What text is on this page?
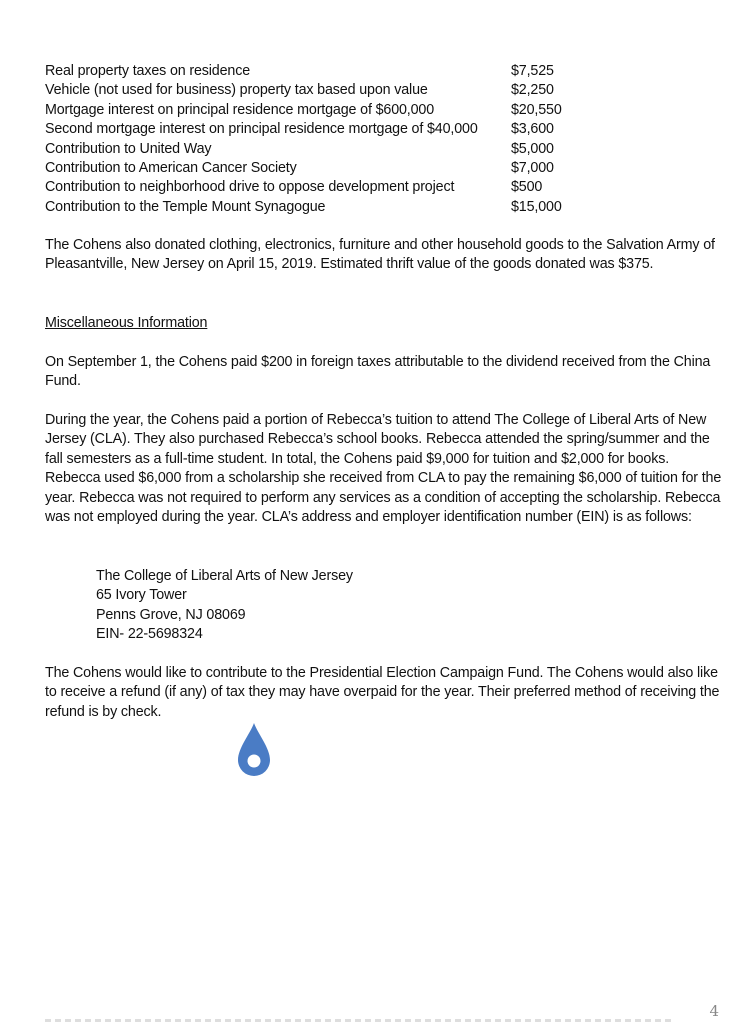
Real property taxes on residence	$7,525
Vehicle (not used for business) property tax based upon value	$2,250
Mortgage interest on principal residence mortgage of $600,000	$20,550
Second mortgage interest on principal residence mortgage of $40,000	$3,600
Contribution to United Way	$5,000
Contribution to American Cancer Society	$7,000
Contribution to neighborhood drive to oppose development project	$500
Contribution to the Temple Mount Synagogue	$15,000

The Cohens also donated clothing, electronics, furniture and other household goods to the Salvation Army of Pleasantville, New Jersey on April 15, 2019. Estimated thrift value of the goods donated was $375.

Miscellaneous Information

On September 1, the Cohens paid $200 in foreign taxes attributable to the dividend received from the China Fund.

During the year, the Cohens paid a portion of Rebecca’s tuition to attend The College of Liberal Arts of New Jersey (CLA). They also purchased Rebecca’s school books. Rebecca attended the spring/summer and the fall semesters as a full-time student. In total, the Cohens paid $9,000 for tuition and $2,000 for books. Rebecca used $6,000 from a scholarship she received from CLA to pay the remaining $6,000 of tuition for the year. Rebecca was not required to perform any services as a condition of accepting the scholarship. Rebecca was not employed during the year. CLA’s address and employer identification number (EIN) is as follows:

The College of Liberal Arts of New Jersey
65 Ivory Tower
Penns Grove, NJ 08069
EIN- 22-5698324

The Cohens would like to contribute to the Presidential Election Campaign Fund. The Cohens would also like to receive a refund (if any) of tax they may have overpaid for the year. Their preferred method of receiving the refund is by check.

4
